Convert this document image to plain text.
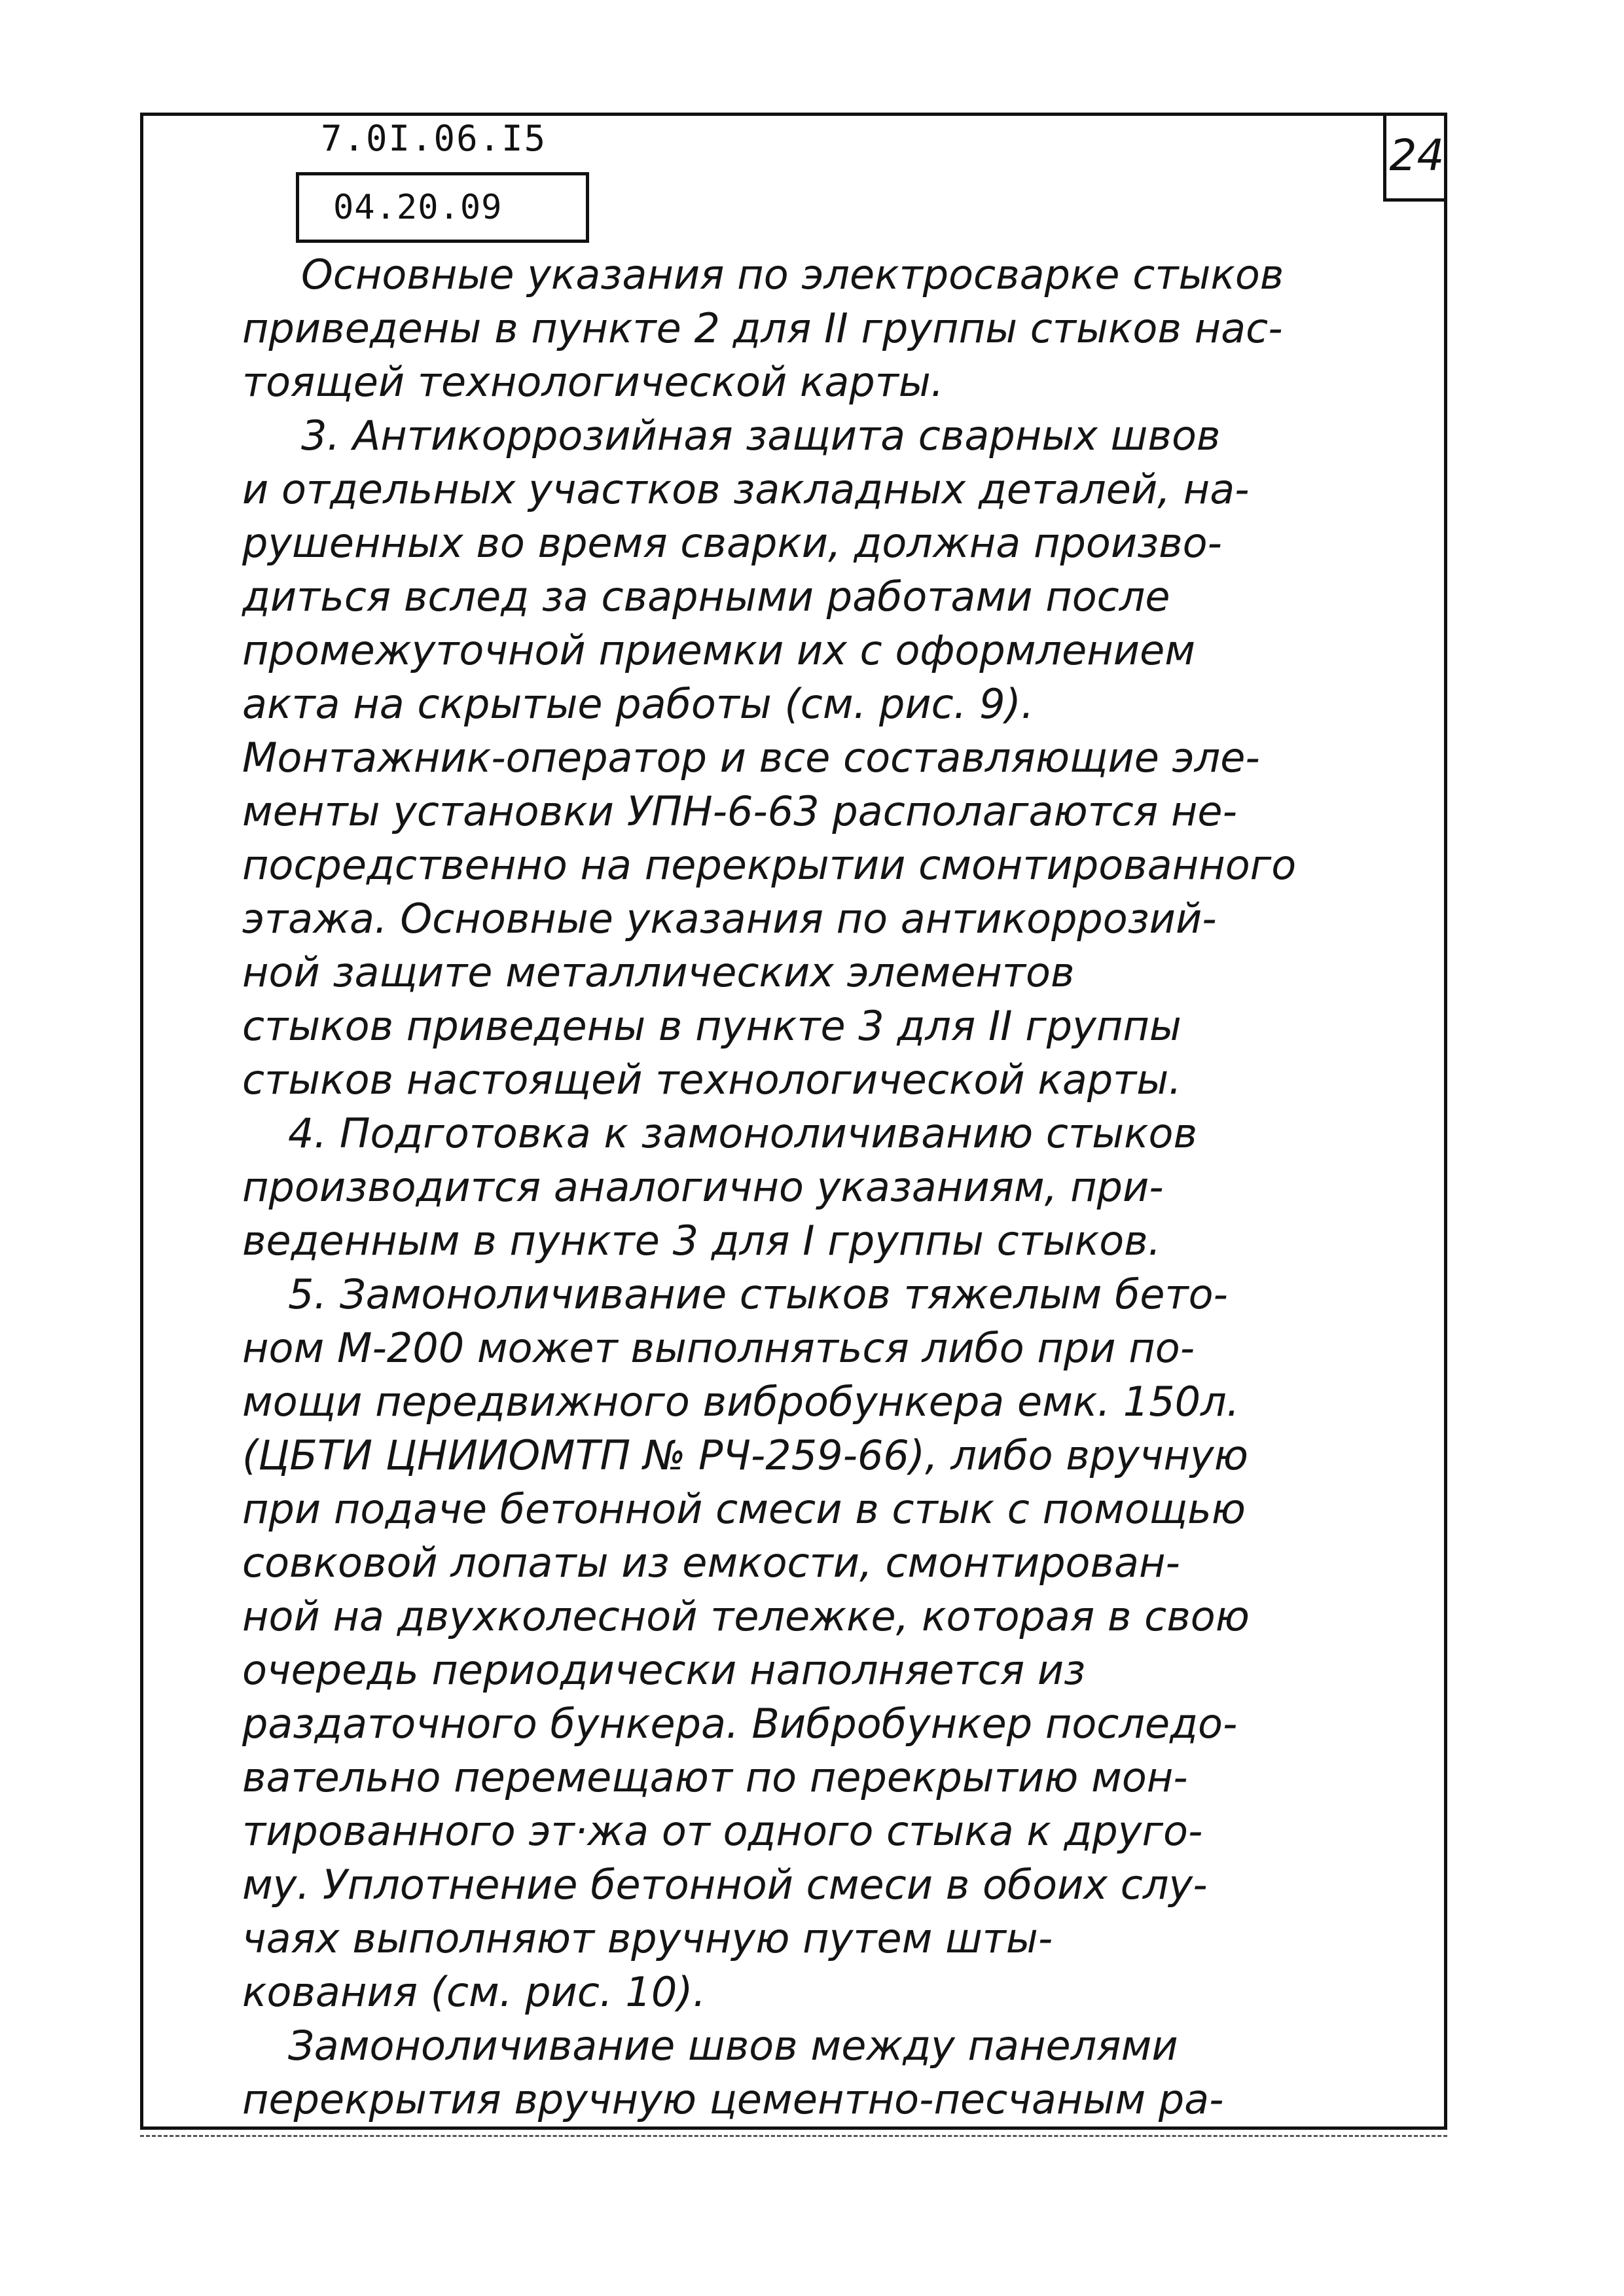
7.0I.06.I5
04.20.09
24
Основные указания по электросварке стыков
приведены в пункте 2 для II группы стыков нас-
тоящей технологической карты.
3. Антикоррозийная защита сварных швов
и отдельных участков закладных деталей, на-
рушенных во время сварки, должна произво-
диться вслед за сварными работами после
промежуточной приемки их с оформлением
акта на скрытые работы (см. рис. 9).
Монтажник-оператор и все составляющие эле-
менты установки УПН-6-63 располагаются не-
посредственно на перекрытии смонтированного
этажа. Основные указания по антикоррозий-
ной защите металлических элементов
стыков приведены в пункте 3 для II группы
стыков настоящей технологической карты.
4. Подготовка к замоноличиванию стыков
производится аналогично указаниям, при-
веденным в пункте 3 для I группы стыков.
5. Замоноличивание стыков тяжелым бето-
ном М-200 может выполняться либо при по-
мощи передвижного вибробункера емк. 150л.
(ЦБТИ ЦНИИОМТП № РЧ-259-66), либо вручную
при подаче бетонной смеси в стык с помощью
совковой лопаты из емкости, смонтирован-
ной на двухколесной тележке, которая в свою
очередь периодически наполняется из
раздаточного бункера. Вибробункер последо-
вательно перемещают по перекрытию мон-
тированного эт·жа от одного стыка к друго-
му. Уплотнение бетонной смеси в обоих слу-
чаях выполняют вручную путем шты-
кования (см. рис. 10).
Замоноличивание швов между панелями
перекрытия вручную цементно-песчаным ра-
